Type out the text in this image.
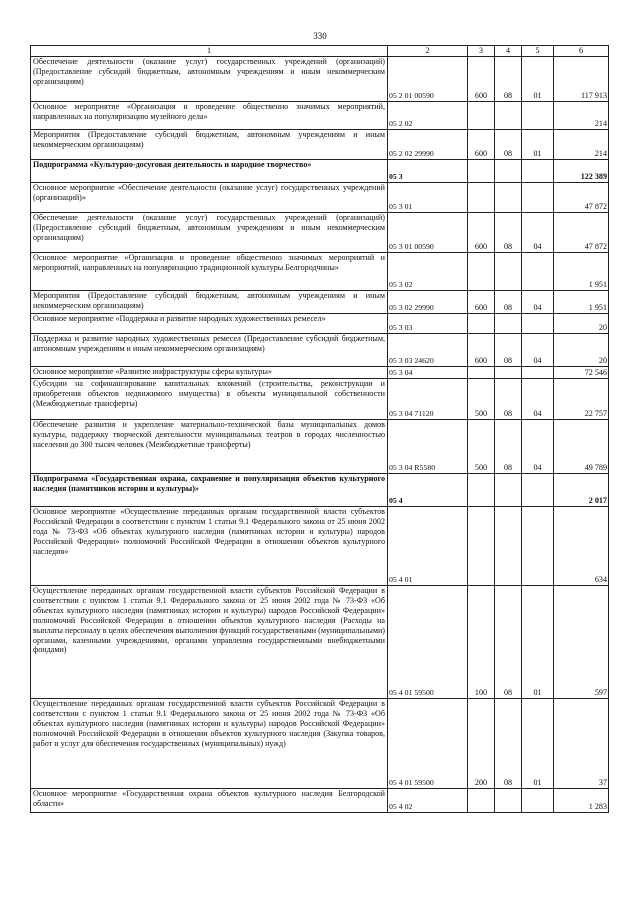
330
1	2	3	4	5	6
Обеспечение деятельности (оказание услуг) государственных учреждений (организаций) (Предоставление субсидий бюджетным, автономным учреждениям и иным некоммерческим организациям)	05 2 01 00590	600	08	01	117 913
Основное мероприятие «Организация и проведение общественно значимых мероприятий, направленных на популяризацию музейного дела»	05 2 02				214
Мероприятия (Предоставление субсидий бюджетным, автономным учреждениям и иным некоммерческим организациям)	05 2 02 29990	600	08	01	214
Подпрограмма «Культурно-досуговая деятельность и народное творчество»	05 3				122 389
Основное мероприятие «Обеспечение деятельности (оказание услуг) государственных учреждений (организаций)»	05 3 01				47 872
Обеспечение деятельности (оказание услуг) государственных учреждений (организаций) (Предоставление субсидий бюджетным, автономным учреждениям и иным некоммерческим организациям)	05 3 01 00590	600	08	04	47 872
Основное мероприятие «Организация и проведение общественно значимых мероприятий и мероприятий, направленных на популяризацию традиционной культуры Белгородчины»	05 3 02				1 951
Мероприятия (Предоставление субсидий бюджетным, автономным учреждениям и иным некоммерческим организациям)	05 3 02 29990	600	08	04	1 951
Основное мероприятие «Поддержка и развитие народных художественных ремесел»	05 3 03				20
Поддержка и развитие народных художественных ремесел (Предоставление субсидий бюджетным, автономным учреждениям и иным некоммерческим организациям)	05 3 03 24620	600	08	04	20
Основное мероприятие «Развитие инфраструктуры сферы культуры»	05 3 04				72 546
Субсидии на софинансирование капитальных вложений (строительства, реконструкции и приобретения объектов недвижимого имущества) в объекты муниципальной собственности (Межбюджетные трансферты)	05 3 04 71120	500	08	04	22 757
Обеспечение развития и укрепление материально-технической базы муниципальных домов культуры, поддержку творческой деятельности муниципальных театров в городах численностью населения до 300 тысяч человек (Межбюджетные трансферты)	05 3 04 R5580	500	08	04	49 789
Подпрограмма «Государственная охрана, сохранение и популяризация объектов культурного наследия (памятников истории и культуры)»	05 4				2 017
Основное мероприятие «Осуществление переданных органам государственной власти субъектов Российской Федерации в соответствии с пунктом 1 статьи 9.1 Федерального закона от 25 июня 2002 года № 73-ФЗ «Об объектах культурного наследия (памятниках истории и культуры) народов Российской Федерации» полномочий Российской Федерации в отношении объектов культурного наследия»	05 4 01				634
Осуществление переданных органам государственной власти субъектов Российской Федерации в соответствии с пунктом 1 статьи 9.1 Федерального закона от 25 июня 2002 года № 73-ФЗ «Об объектах культурного наследия (памятниках истории и культуры) народов Российской Федерации» полномочий Российской Федерации в отношении объектов культурного наследия (Расходы на выплаты персоналу в целях обеспечения выполнения функций государственными (муниципальными) органами, казенными учреждениями, органами управления государственными внебюджетными фондами)	05 4 01 59500	100	08	01	597
Осуществление переданных органам государственной власти субъектов Российской Федерации в соответствии с пунктом 1 статьи 9.1 Федерального закона от 25 июня 2002 года № 73-ФЗ «Об объектах культурного наследия (памятниках истории и культуры) народов Российской Федерации» полномочий Российской Федерации в отношении объектов культурного наследия (Закупка товаров, работ и услуг для обеспечения государственных (муниципальных) нужд)	05 4 01 59500	200	08	01	37
Основное мероприятие «Государственная охрана объектов культурного наследия Белгородской области»	05 4 02				1 283
